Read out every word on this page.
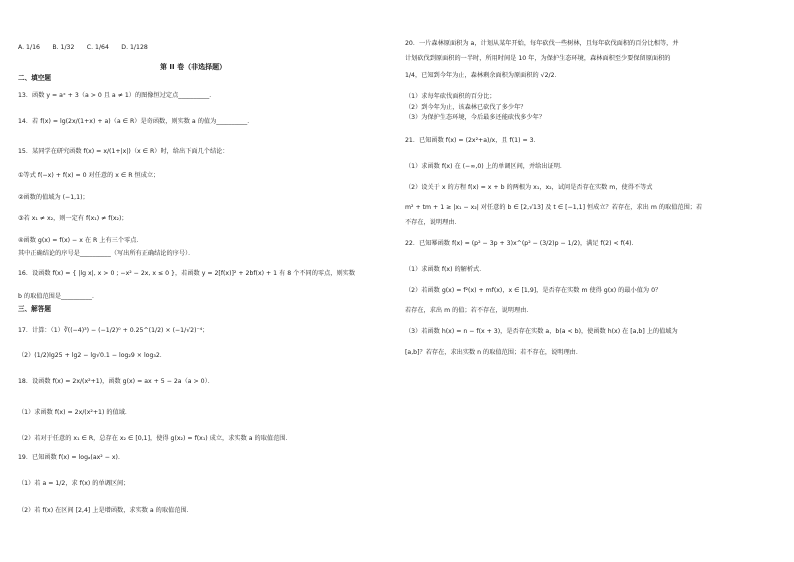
A. 1/16　　B. 1/32　　C. 1/64　　D. 1/128
第 II 卷（非选择题）
二、填空题
13．函数 y = aˣ + 3（a > 0 且 a ≠ 1）的图像恒过定点__________．
14．若 f(x) = lg(2x/(1+x) + a)（a ∈ R）是奇函数，则实数 a 的值为__________．
15．某同学在研究函数 f(x) = x/(1+|x|)（x ∈ R）时，给出下面几个结论：
①等式 f(−x) + f(x) = 0 对任意的 x ∈ R 恒成立；
②函数的值域为 (−1,1)；
③若 x₁ ≠ x₂，则一定有 f(x₁) ≠ f(x₂)；
④函数 g(x) = f(x) − x 在 R 上有三个零点．
其中正确结论的序号是__________（写出所有正确结论的序号）．
16．设函数 f(x) = { |lg x|, x > 0 ; −x² − 2x, x ≤ 0 }，若函数 y = 2[f(x)]² + 2bf(x) + 1 有 8 个不同的零点，则实数
b 的取值范围是__________．
三、解答题
17．计算：（1）∛((−4)³) − (−1/2)⁰ + 0.25^(1/2) × (−1/√2)⁻⁴；
（2）(1/2)lg25 + lg2 − lg√0.1 − log₂9 × log₃2．
18．设函数 f(x) = 2x/(x²+1)，函数 g(x) = ax + 5 − 2a（a > 0）．
（1）求函数 f(x) = 2x/(x²+1) 的值域．
（2）若对于任意的 x₁ ∈ R，总存在 x₂ ∈ [0,1]，使得 g(x₂) = f(x₁) 成立，求实数 a 的取值范围．
19．已知函数 f(x) = logₐ(ax² − x)．
（1）若 a = 1/2，求 f(x) 的单调区间；
（2）若 f(x) 在区间 [2,4] 上是增函数，求实数 a 的取值范围．
20．一片森林原面积为 a，计划从某年开始，每年砍伐一些树林，且每年砍伐面积的百分比相等，并
计划砍伐到原面积的一半时，所用时间是 10 年，为保护生态环境，森林面积至少要保留原面积的
1/4，已知到今年为止，森林剩余面积为原面积的 √2/2．
（1）求每年砍伐面积的百分比；
（2）到今年为止，该森林已砍伐了多少年？
（3）为保护生态环境，今后最多还能砍伐多少年？
21．已知函数 f(x) = (2x²+a)/x，且 f(1) = 3．
（1）求函数 f(x) 在 (−∞,0) 上的单调区间，并给出证明．
（2）设关于 x 的方程 f(x) = x + b 的两根为 x₁，x₂，试问是否存在实数 m，使得不等式
m² + tm + 1 ≥ |x₁ − x₂| 对任意的 b ∈ [2,√13] 及 t ∈ [−1,1] 恒成立？若存在，求出 m 的取值范围；若
不存在，说明理由．
22．已知幂函数 f(x) = (p² − 3p + 3)x^(p² − (3/2)p − 1/2)，满足 f(2) < f(4)．
（1）求函数 f(x) 的解析式．
（2）若函数 g(x) = f²(x) + mf(x)，x ∈ [1,9]，是否存在实数 m 使得 g(x) 的最小值为 0？
若存在，求出 m 的值；若不存在，说明理由．
（3）若函数 h(x) = n − f(x + 3)，是否存在实数 a，b(a < b)，使函数 h(x) 在 [a,b] 上的值域为
[a,b]？若存在，求出实数 n 的取值范围；若不存在，说明理由．
